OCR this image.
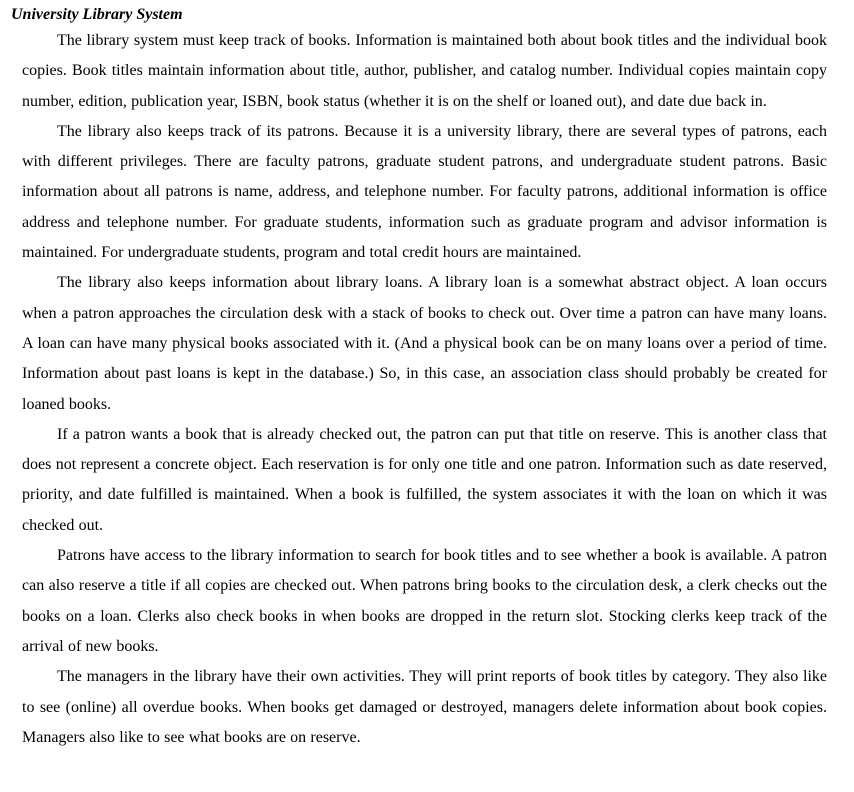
University Library System

The library system must keep track of books. Information is maintained both about book titles and the individual book copies. Book titles maintain information about title, author, publisher, and catalog number. Individual copies maintain copy number, edition, publication year, ISBN, book status (whether it is on the shelf or loaned out), and date due back in.

The library also keeps track of its patrons. Because it is a university library, there are several types of patrons, each with different privileges. There are faculty patrons, graduate student patrons, and undergraduate student patrons. Basic information about all patrons is name, address, and telephone number. For faculty patrons, additional information is office address and telephone number. For graduate students, information such as graduate program and advisor information is maintained. For undergraduate students, program and total credit hours are maintained.

The library also keeps information about library loans. A library loan is a somewhat abstract object. A loan occurs when a patron approaches the circulation desk with a stack of books to check out. Over time a patron can have many loans. A loan can have many physical books associated with it. (And a physical book can be on many loans over a period of time. Information about past loans is kept in the database.) So, in this case, an association class should probably be created for loaned books.

If a patron wants a book that is already checked out, the patron can put that title on reserve. This is another class that does not represent a concrete object. Each reservation is for only one title and one patron. Information such as date reserved, priority, and date fulfilled is maintained. When a book is fulfilled, the system associates it with the loan on which it was checked out.

Patrons have access to the library information to search for book titles and to see whether a book is available. A patron can also reserve a title if all copies are checked out. When patrons bring books to the circulation desk, a clerk checks out the books on a loan. Clerks also check books in when books are dropped in the return slot. Stocking clerks keep track of the arrival of new books.

The managers in the library have their own activities. They will print reports of book titles by category. They also like to see (online) all overdue books. When books get damaged or destroyed, managers delete information about book copies. Managers also like to see what books are on reserve.
